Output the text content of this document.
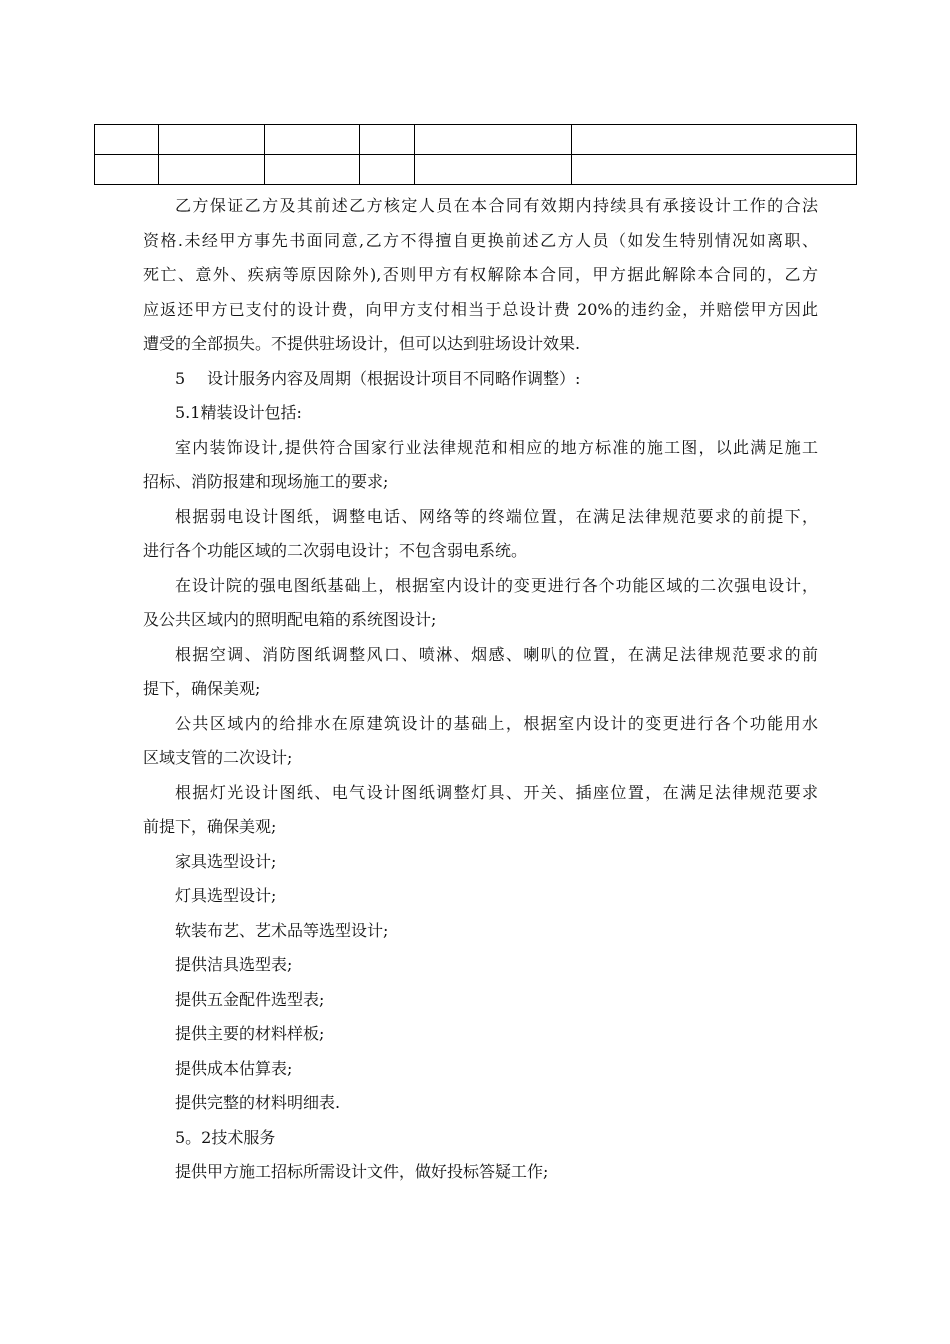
乙方保证乙方及其前述乙方核定人员在本合同有效期内持续具有承接设计工作的合法

资格.未经甲方事先书面同意,乙方不得擅自更换前述乙方人员（如发生特别情况如离职、

死亡、意外、疾病等原因除外),否则甲方有权解除本合同，甲方据此解除本合同的，乙方

应返还甲方已支付的设计费，向甲方支付相当于总设计费 20%的违约金，并赔偿甲方因此

遭受的全部损失。不提供驻场设计，但可以达到驻场设计效果.

5 设计服务内容及周期（根据设计项目不同略作调整）:

5.1精装设计包括:

室内装饰设计,提供符合国家行业法律规范和相应的地方标准的施工图，以此满足施工

招标、消防报建和现场施工的要求;

根据弱电设计图纸，调整电话、网络等的终端位置，在满足法律规范要求的前提下，

进行各个功能区域的二次弱电设计；不包含弱电系统。

在设计院的强电图纸基础上，根据室内设计的变更进行各个功能区域的二次强电设计，

及公共区域内的照明配电箱的系统图设计;

根据空调、消防图纸调整风口、喷淋、烟感、喇叭的位置，在满足法律规范要求的前

提下，确保美观;

公共区域内的给排水在原建筑设计的基础上，根据室内设计的变更进行各个功能用水

区域支管的二次设计;

根据灯光设计图纸、电气设计图纸调整灯具、开关、插座位置，在满足法律规范要求

前提下，确保美观;

家具选型设计;

灯具选型设计;

软装布艺、艺术品等选型设计;

提供洁具选型表;

提供五金配件选型表;

提供主要的材料样板;

提供成本估算表;

提供完整的材料明细表.

5。2技术服务

提供甲方施工招标所需设计文件，做好投标答疑工作;
